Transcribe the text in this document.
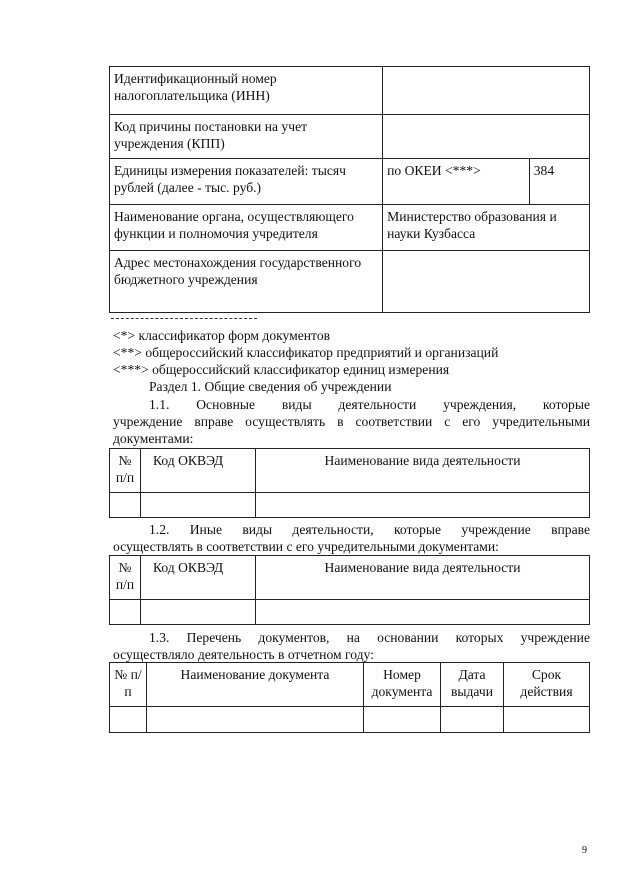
Идентификационный номер налогоплательщика (ИНН)		
Код причины постановки на учет учреждения (КПП)		
Единицы измерения показателей: тысяч рублей (далее - тыс. руб.)	по ОКЕИ <***>	384
Наименование органа, осуществляющего функции и полномочия учредителя	Министерство образования и науки Кузбасса	
Адрес местонахождения государственного бюджетного учреждения		
<*> классификатор форм документов
<**> общероссийский классификатор предприятий и организаций
<***> общероссийский классификатор единиц измерения
Раздел 1. Общие сведения об учреждении
1.1. Основные виды деятельности учреждения, которые
учреждение вправе осуществлять в соответствии с его учредительными
документами:
№ п/п	Код ОКВЭД	Наименование вида деятельности

1.2. Иные виды деятельности, которые учреждение вправе
осуществлять в соответствии с его учредительными документами:
№ п/п	Код ОКВЭД	Наименование вида деятельности

1.3. Перечень документов, на основании которых учреждение
осуществляло деятельность в отчетном году:
№ п/п	Наименование документа	Номер документа	Дата выдачи	Срок действия

9
